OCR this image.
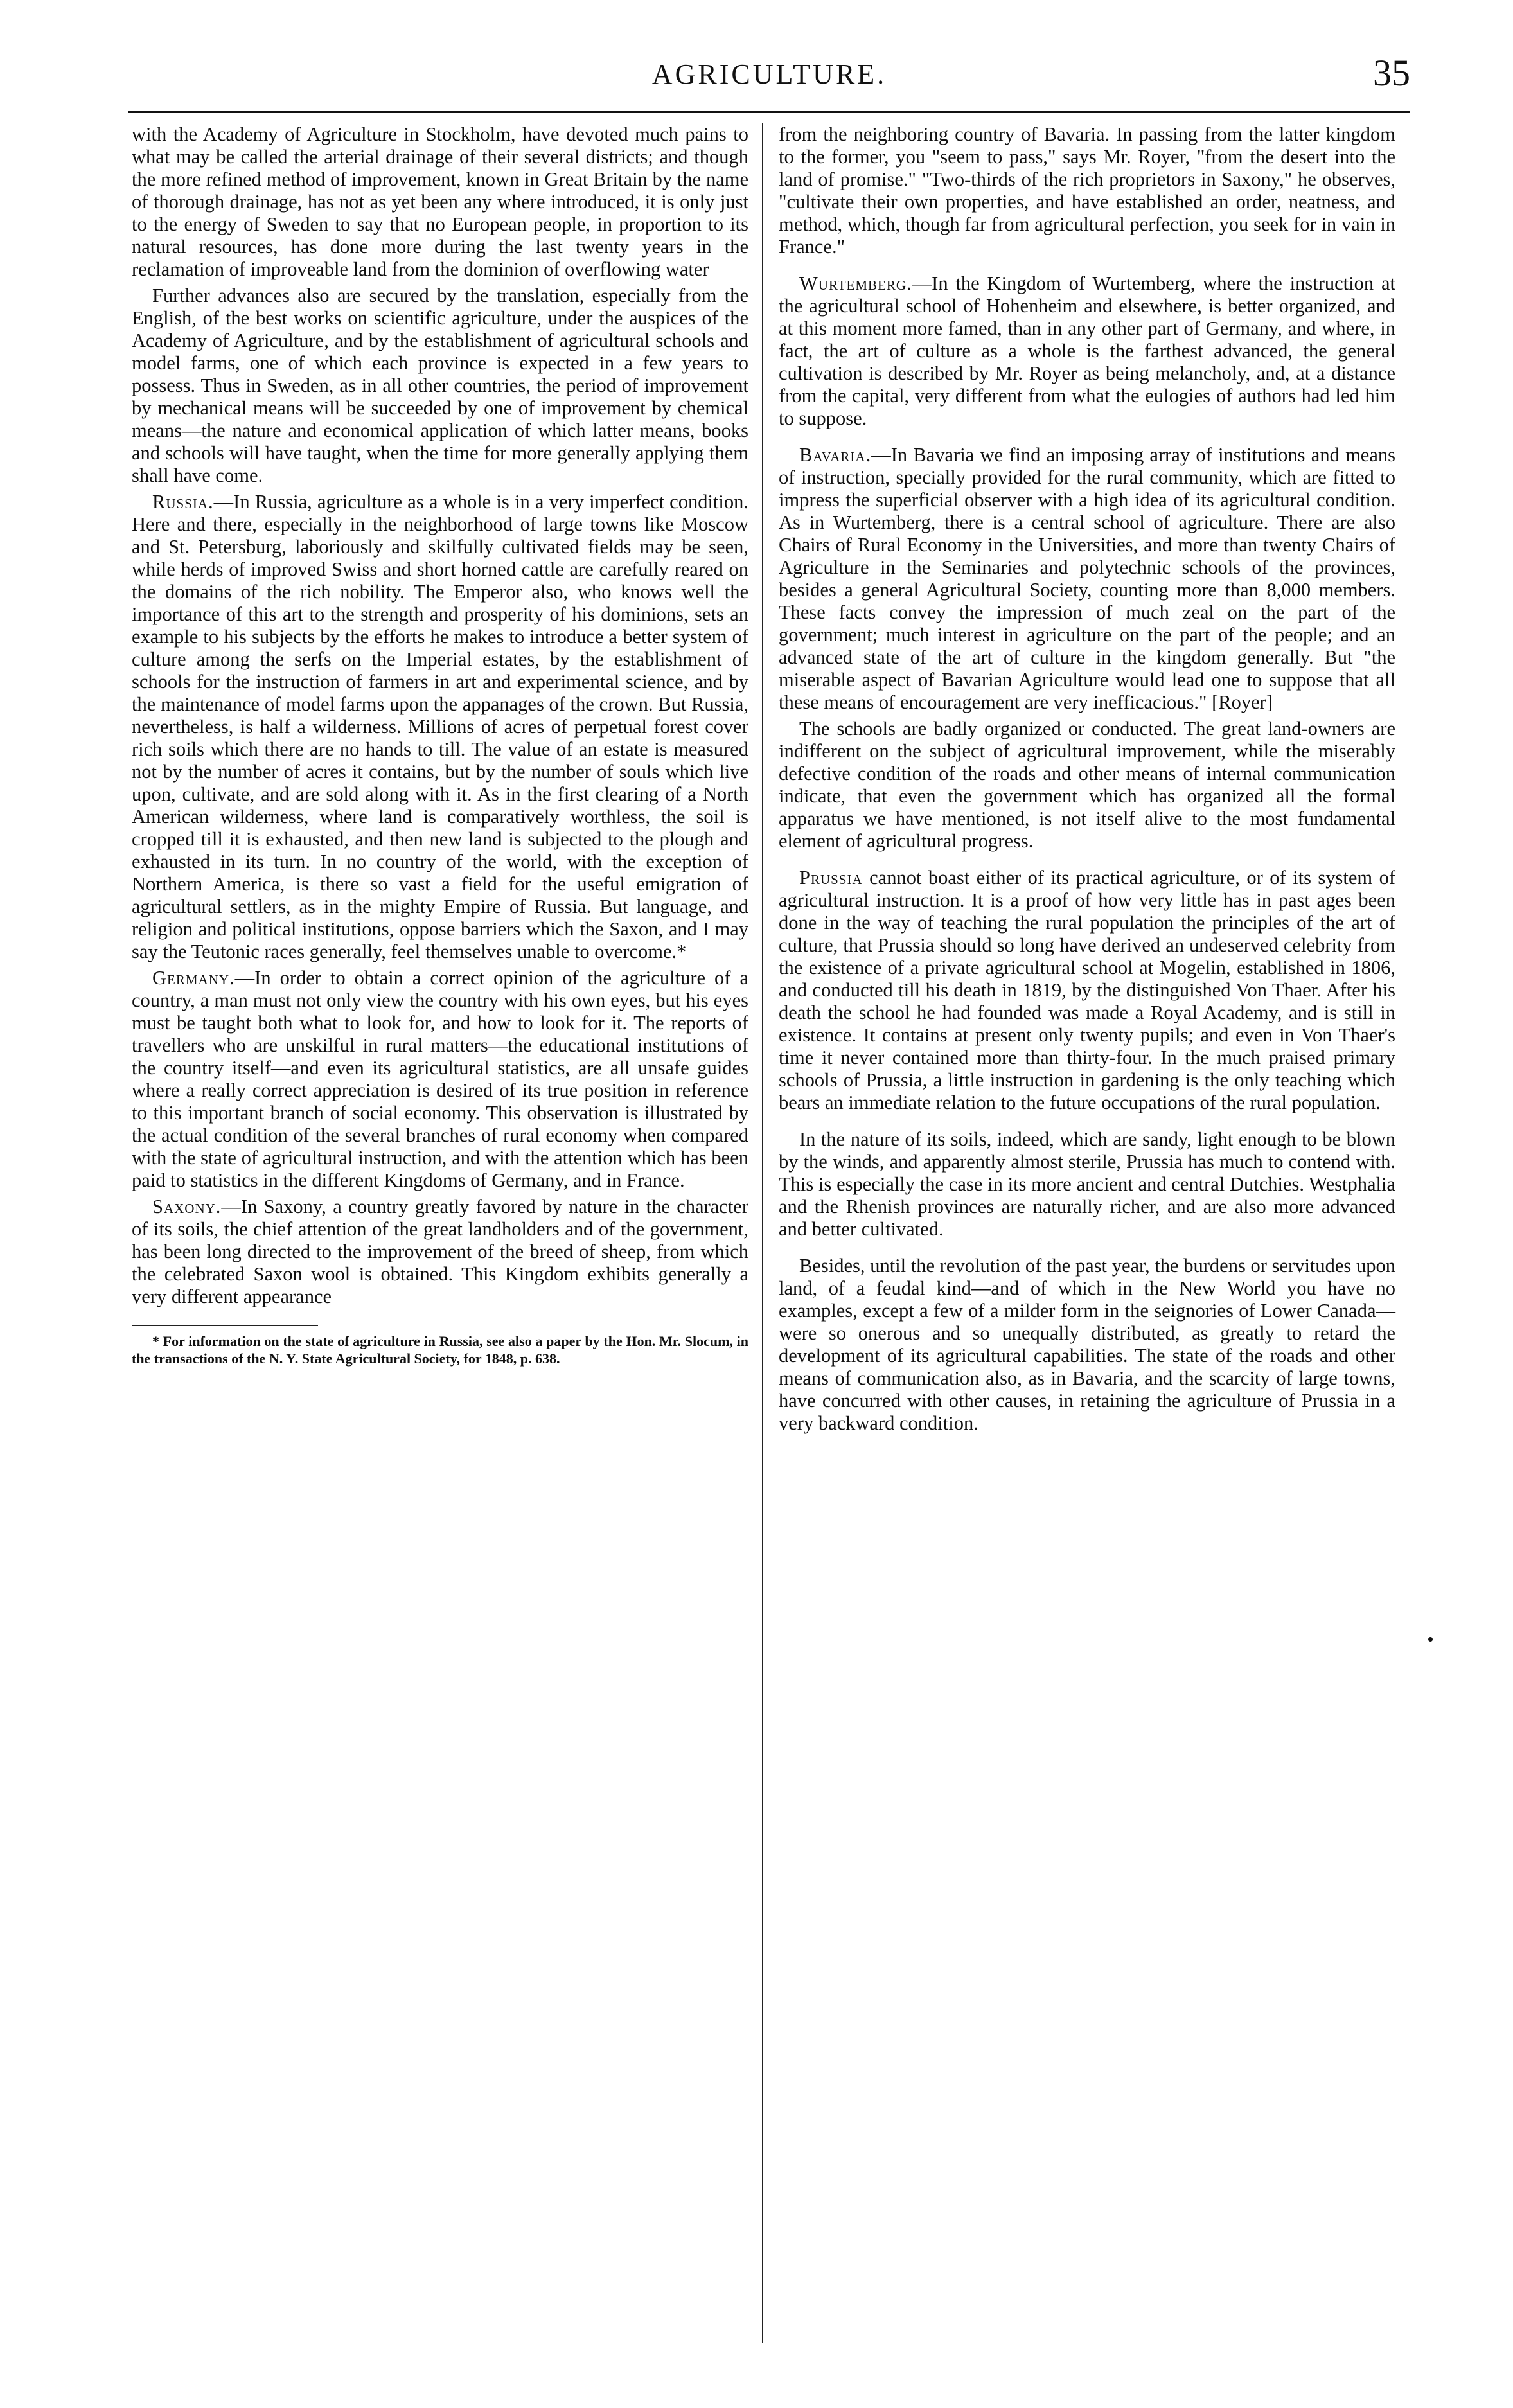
AGRICULTURE.	35

with the Academy of Agriculture in Stockholm, have devoted much pains to what may be called the arterial drainage of their several districts; and though the more refined method of improvement, known in Great Britain by the name of thorough drainage, has not as yet been any where introduced, it is only just to the energy of Sweden to say that no European people, in proportion to its natural resources, has done more during the last twenty years in the reclamation of improveable land from the dominion of overflowing water

Further advances also are secured by the translation, especially from the English, of the best works on scientific agriculture, under the auspices of the Academy of Agriculture, and by the establishment of agricultural schools and model farms, one of which each province is expected in a few years to possess. Thus in Sweden, as in all other countries, the period of improvement by mechanical means will be succeeded by one of improvement by chemical means—the nature and economical application of which latter means, books and schools will have taught, when the time for more generally applying them shall have come.

Russia.—In Russia, agriculture as a whole is in a very imperfect condition. Here and there, especially in the neighborhood of large towns like Moscow and St. Petersburg, laboriously and skilfully cultivated fields may be seen, while herds of improved Swiss and short horned cattle are carefully reared on the domains of the rich nobility. The Emperor also, who knows well the importance of this art to the strength and prosperity of his dominions, sets an example to his subjects by the efforts he makes to introduce a better system of culture among the serfs on the Imperial estates, by the establishment of schools for the instruction of farmers in art and experimental science, and by the maintenance of model farms upon the appanages of the crown. But Russia, nevertheless, is half a wilderness. Millions of acres of perpetual forest cover rich soils which there are no hands to till. The value of an estate is measured not by the number of acres it contains, but by the number of souls which live upon, cultivate, and are sold along with it. As in the first clearing of a North American wilderness, where land is comparatively worthless, the soil is cropped till it is exhausted, and then new land is subjected to the plough and exhausted in its turn. In no country of the world, with the exception of Northern America, is there so vast a field for the useful emigration of agricultural settlers, as in the mighty Empire of Russia. But language, and religion and political institutions, oppose barriers which the Saxon, and I may say the Teutonic races generally, feel themselves unable to overcome.*

Germany.—In order to obtain a correct opinion of the agriculture of a country, a man must not only view the country with his own eyes, but his eyes must be taught both what to look for, and how to look for it. The reports of travellers who are unskilful in rural matters—the educational institutions of the country itself—and even its agricultural statistics, are all unsafe guides where a really correct appreciation is desired of its true position in reference to this important branch of social economy. This observation is illustrated by the actual condition of the several branches of rural economy when compared with the state of agricultural instruction, and with the attention which has been paid to statistics in the different Kingdoms of Germany, and in France.

Saxony.—In Saxony, a country greatly favored by nature in the character of its soils, the chief attention of the great landholders and of the government, has been long directed to the improvement of the breed of sheep, from which the celebrated Saxon wool is obtained. This Kingdom exhibits generally a very different appearance

* For information on the state of agriculture in Russia, see also a paper by the Hon. Mr. Slocum, in the transactions of the N. Y. State Agricultural Society, for 1848, p. 638.

from the neighboring country of Bavaria. In passing from the latter kingdom to the former, you "seem to pass," says Mr. Royer, "from the desert into the land of promise." "Two-thirds of the rich proprietors in Saxony," he observes, "cultivate their own properties, and have established an order, neatness, and method, which, though far from agricultural perfection, you seek for in vain in France."

Wurtemberg.—In the Kingdom of Wurtemberg, where the instruction at the agricultural school of Hohenheim and elsewhere, is better organized, and at this moment more famed, than in any other part of Germany, and where, in fact, the art of culture as a whole is the farthest advanced, the general cultivation is described by Mr. Royer as being melancholy, and, at a distance from the capital, very different from what the eulogies of authors had led him to suppose.

Bavaria.—In Bavaria we find an imposing array of institutions and means of instruction, specially provided for the rural community, which are fitted to impress the superficial observer with a high idea of its agricultural condition. As in Wurtemberg, there is a central school of agriculture. There are also Chairs of Rural Economy in the Universities, and more than twenty Chairs of Agriculture in the Seminaries and polytechnic schools of the provinces, besides a general Agricultural Society, counting more than 8,000 members. These facts convey the impression of much zeal on the part of the government; much interest in agriculture on the part of the people; and an advanced state of the art of culture in the kingdom generally. But "the miserable aspect of Bavarian Agriculture would lead one to suppose that all these means of encouragement are very inefficacious." [Royer]

The schools are badly organized or conducted. The great land-owners are indifferent on the subject of agricultural improvement, while the miserably defective condition of the roads and other means of internal communication indicate, that even the government which has organized all the formal apparatus we have mentioned, is not itself alive to the most fundamental element of agricultural progress.

Prussia cannot boast either of its practical agriculture, or of its system of agricultural instruction. It is a proof of how very little has in past ages been done in the way of teaching the rural population the principles of the art of culture, that Prussia should so long have derived an undeserved celebrity from the existence of a private agricultural school at Mogelin, established in 1806, and conducted till his death in 1819, by the distinguished Von Thaer. After his death the school he had founded was made a Royal Academy, and is still in existence. It contains at present only twenty pupils; and even in Von Thaer's time it never contained more than thirty-four. In the much praised primary schools of Prussia, a little instruction in gardening is the only teaching which bears an immediate relation to the future occupations of the rural population.

In the nature of its soils, indeed, which are sandy, light enough to be blown by the winds, and apparently almost sterile, Prussia has much to contend with. This is especially the case in its more ancient and central Dutchies. Westphalia and the Rhenish provinces are naturally richer, and are also more advanced and better cultivated.

Besides, until the revolution of the past year, the burdens or servitudes upon land, of a feudal kind—and of which in the New World you have no examples, except a few of a milder form in the seignories of Lower Canada—were so onerous and so unequally distributed, as greatly to retard the development of its agricultural capabilities. The state of the roads and other means of communication also, as in Bavaria, and the scarcity of large towns, have concurred with other causes, in retaining the agriculture of Prussia in a very backward condition.
